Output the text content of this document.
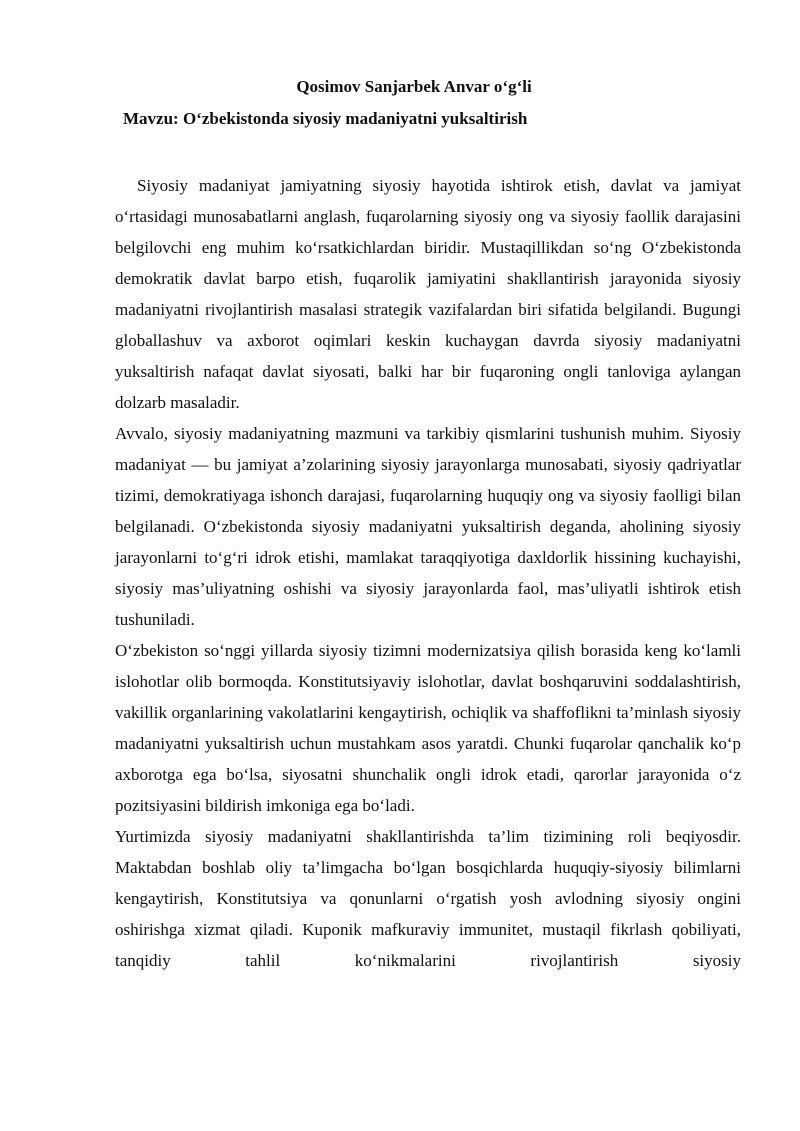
Qosimov Sanjarbek Anvar o‘g‘li

Mavzu: O‘zbekistonda siyosiy madaniyatni yuksaltirish

Siyosiy madaniyat jamiyatning siyosiy hayotida ishtirok etish, davlat va jamiyat o‘rtasidagi munosabatlarni anglash, fuqarolarning siyosiy ong va siyosiy faollik darajasini belgilovchi eng muhim ko‘rsatkichlardan biridir. Mustaqillikdan so‘ng O‘zbekistonda demokratik davlat barpo etish, fuqarolik jamiyatini shakllantirish jarayonida siyosiy madaniyatni rivojlantirish masalasi strategik vazifalardan biri sifatida belgilandi. Bugungi globallashuv va axborot oqimlari keskin kuchaygan davrda siyosiy madaniyatni yuksaltirish nafaqat davlat siyosati, balki har bir fuqaroning ongli tanloviga aylangan dolzarb masaladir.

Avvalo, siyosiy madaniyatning mazmuni va tarkibiy qismlarini tushunish muhim. Siyosiy madaniyat — bu jamiyat a’zolarining siyosiy jarayonlarga munosabati, siyosiy qadriyatlar tizimi, demokratiyaga ishonch darajasi, fuqarolarning huquqiy ong va siyosiy faolligi bilan belgilanadi. O‘zbekistonda siyosiy madaniyatni yuksaltirish deganda, aholining siyosiy jarayonlarni to‘g‘ri idrok etishi, mamlakat taraqqiyotiga daxldorlik hissining kuchayishi, siyosiy mas’uliyatning oshishi va siyosiy jarayonlarda faol, mas’uliyatli ishtirok etish tushuniladi.

O‘zbekiston so‘nggi yillarda siyosiy tizimni modernizatsiya qilish borasida keng ko‘lamli islohotlar olib bormoqda. Konstitutsiyaviy islohotlar, davlat boshqaruvini soddalashtirish, vakillik organlarining vakolatlarini kengaytirish, ochiqlik va shaffoflikni ta’minlash siyosiy madaniyatni yuksaltirish uchun mustahkam asos yaratdi. Chunki fuqarolar qanchalik ko‘p axborotga ega bo‘lsa, siyosatni shunchalik ongli idrok etadi, qarorlar jarayonida o‘z pozitsiyasini bildirish imkoniga ega bo‘ladi.

Yurtimizda siyosiy madaniyatni shakllantirishda ta’lim tizimining roli beqiyosdir. Maktabdan boshlab oliy ta’limgacha bo‘lgan bosqichlarda huquqiy-siyosiy bilimlarni kengaytirish, Konstitutsiya va qonunlarni o‘rgatish yosh avlodning siyosiy ongini oshirishga xizmat qiladi. Kuponik mafkuraviy immunitet, mustaqil fikrlash qobiliyati, tanqidiy tahlil ko‘nikmalarini rivojlantirish siyosiy
